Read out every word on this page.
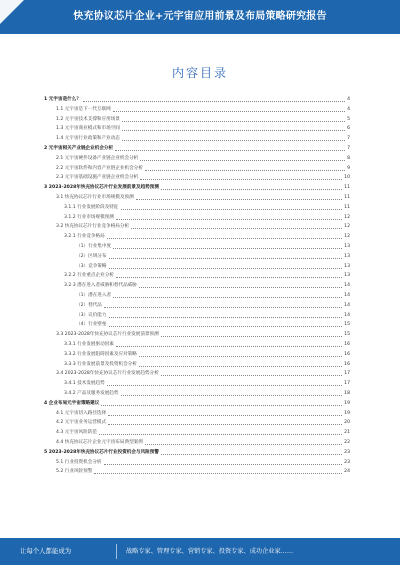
快充协议芯片企业+元宇宙应用前景及布局策略研究报告
内容目录
1 元宇宙是什么？	4
1.1 元宇宙是下一代互联网	4
1.2 元宇宙技术支撑和应用场景	5
1.3 元宇宙商业模式和市场空间	6
1.4 元宇宙行业政策和产业动态	7
2 元宇宙相关产业链企业机会分析	7
2.1 元宇宙硬件设备产业链企业机会分析	8
2.2 元宇宙软件和内容产业链企业机会分析	9
2.3 元宇宙基础设施产业链企业机会分析	10
3 2023-2028年快充协议芯片行业发展前景及趋势预测	11
3.1 快充协议芯片行业市场规模及预测	11
3.1.1 行业发展阶段及特征	11
3.1.2 行业市场规模预测	12
3.2 快充协议芯片行业竞争格局分析	12
3.2.1 行业竞争格局	12
（1）行业集中度	13
（2）区域分布	13
（3）竞争策略	13
3.2.2 行业重点企业分析	13
3.2.3 潜在进入者威胁和替代品威胁	14
（1）潜在进入者	14
（2）替代品	14
（3）议价能力	14
（4）行业壁垒	15
3.3 2023-2028年快充协议芯片行业发展前景预测	15
3.3.1 行业发展驱动因素	16
3.3.2 行业发展阻碍因素及应对策略	16
3.3.3 行业发展前景及投资机会分析	16
3.4 2023-2028年快充协议芯片行业发展趋势分析	17
3.4.1 技术发展趋势	17
3.4.2 产品及服务发展趋势	18
4 企业布局元宇宙策略建议	19
4.1 元宇宙切入路径选择	19
4.2 元宇宙业务运营模式	20
4.3 元宇宙风险防范	21
4.4 快充协议芯片企业元宇宙布局典型案例	22
5 2023-2028年快充协议芯片行业投资机会与风险预警	23
5.1 行业投资机会分析	23
5.2 行业风险预警	24
让每个人都能成为	战略专家、管理专家、营销专家、投资专家、成功企业家……
